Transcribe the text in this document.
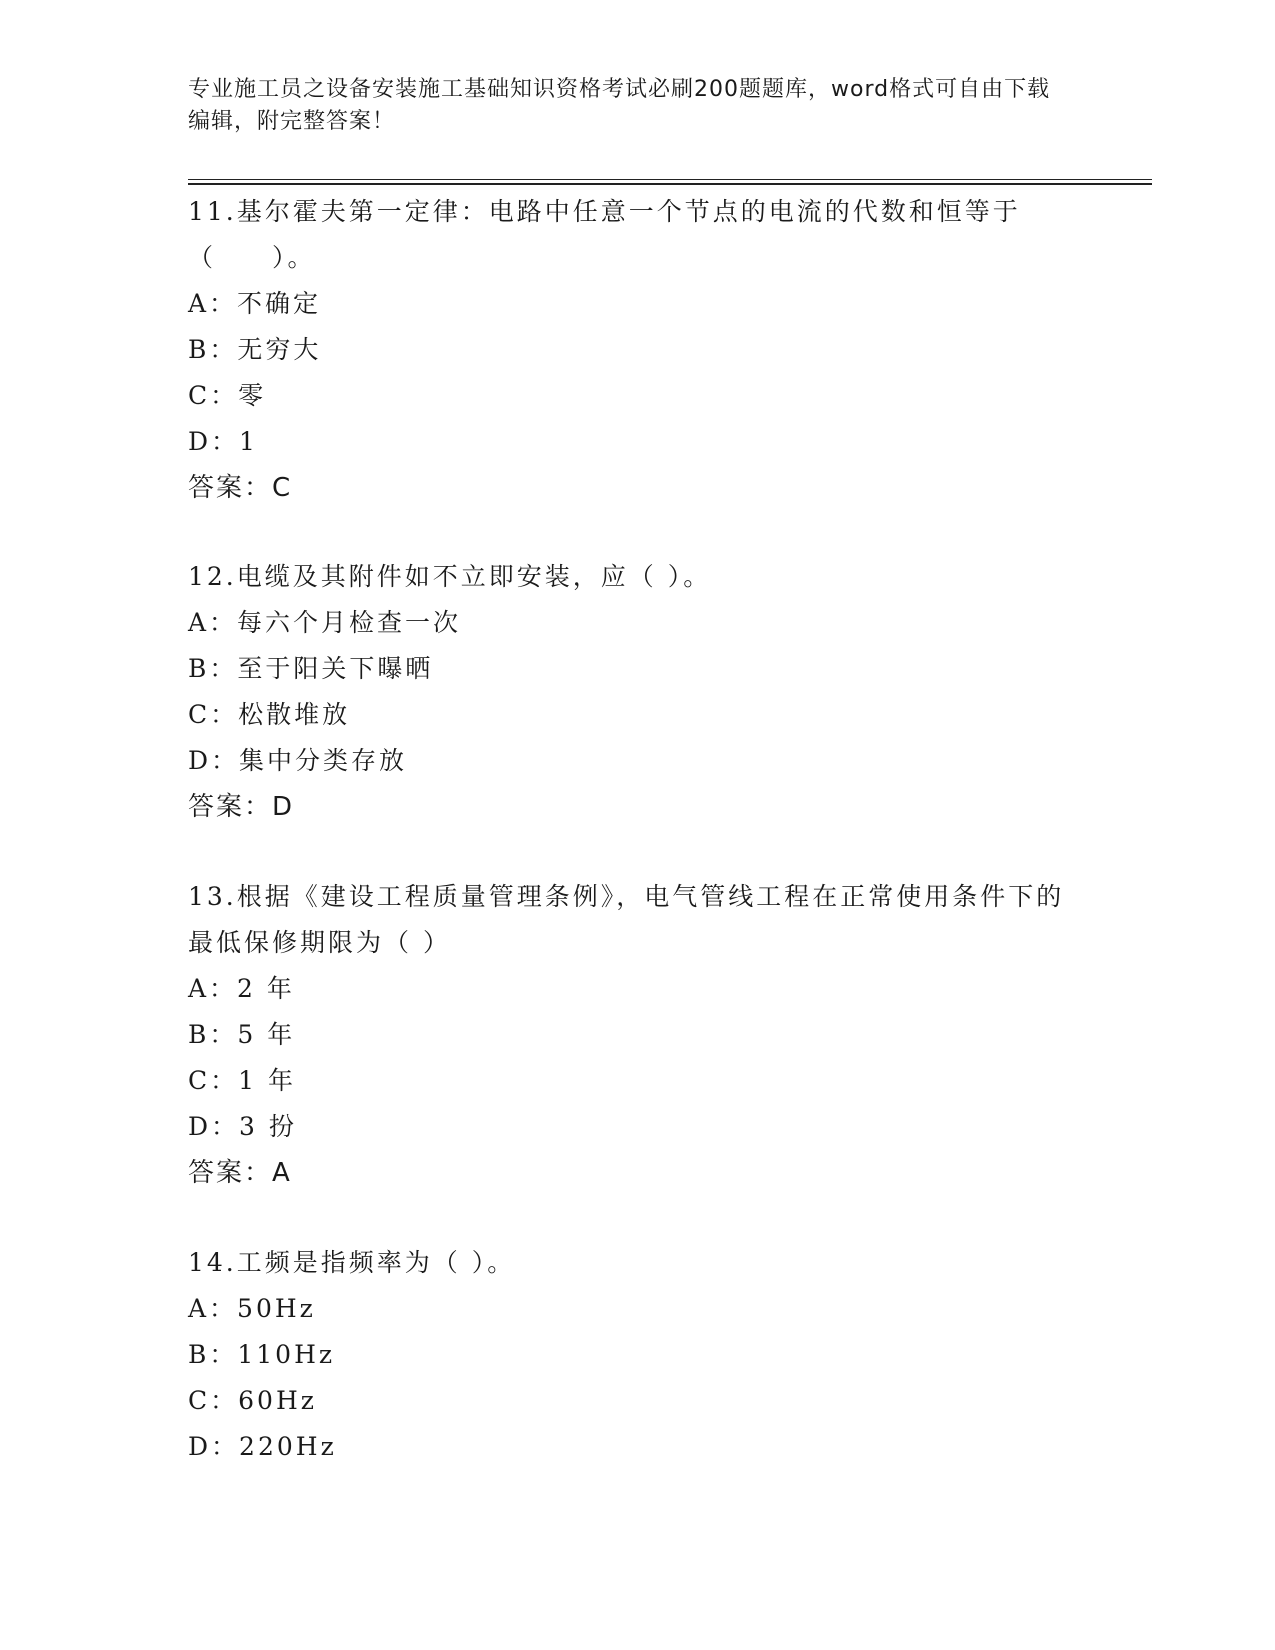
专业施工员之设备安装施工基础知识资格考试必刷200题题库，word格式可自由下载编辑，附完整答案！

11.基尔霍夫第一定律：电路中任意一个节点的电流的代数和恒等于（　　）。

A：不确定

B：无穷大

C：零

D：1

答案：C

12.电缆及其附件如不立即安装，应（ ）。

A：每六个月检查一次

B：至于阳关下曝晒

C：松散堆放

D：集中分类存放

答案：D

13.根据《建设工程质量管理条例》，电气管线工程在正常使用条件下的最低保修期限为（ ）

A：2 年

B：5 年

C：1 年

D：3 扮

答案：A

14.工频是指频率为（ ）。

A：50Hz

B：110Hz

C：60Hz

D：220Hz
